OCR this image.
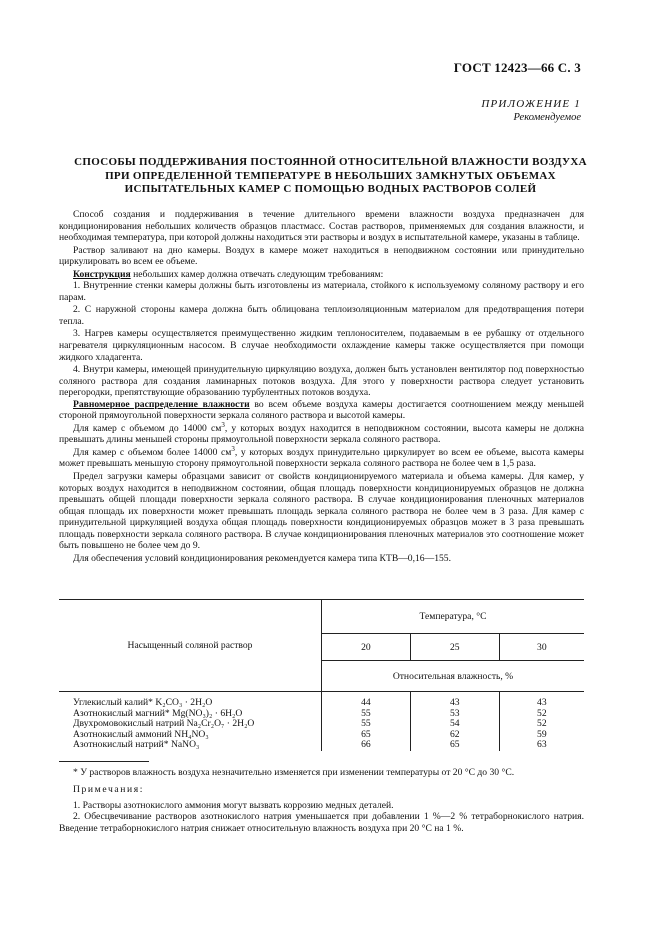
ГОСТ 12423—66 С. 3
ПРИЛОЖЕНИЕ 1
Рекомендуемое
СПОСОБЫ ПОДДЕРЖИВАНИЯ ПОСТОЯННОЙ ОТНОСИТЕЛЬНОЙ ВЛАЖНОСТИ ВОЗДУХА
ПРИ ОПРЕДЕЛЕННОЙ ТЕМПЕРАТУРЕ В НЕБОЛЬШИХ ЗАМКНУТЫХ ОБЪЕМАХ
ИСПЫТАТЕЛЬНЫХ КАМЕР С ПОМОЩЬЮ ВОДНЫХ РАСТВОРОВ СОЛЕЙ

Способ создания и поддерживания в течение длительного времени влажности воздуха предназначен для кондиционирования небольших количеств образцов пластмасс. Состав растворов, применяемых для создания влажности, и необходимая температура, при которой должны находиться эти растворы и воздух в испытательной камере, указаны в таблице.

Раствор заливают на дно камеры. Воздух в камере может находиться в неподвижном состоянии или принудительно циркулировать во всем ее объеме.

Конструкция небольших камер должна отвечать следующим требованиям:

1. Внутренние стенки камеры должны быть изготовлены из материала, стойкого к используемому соляному раствору и его парам.

2. С наружной стороны камера должна быть облицована теплоизоляционным материалом для предотвращения потери тепла.

3. Нагрев камеры осуществляется преимущественно жидким теплоносителем, подаваемым в ее рубашку от отдельного нагревателя циркуляционным насосом. В случае необходимости охлаждение камеры также осуществляется при помощи жидкого хладагента.

4. Внутри камеры, имеющей принудительную циркуляцию воздуха, должен быть установлен вентилятор под поверхностью соляного раствора для создания ламинарных потоков воздуха. Для этого у поверхности раствора следует установить перегородки, препятствующие образованию турбулентных потоков воздуха.

Равномерное распределение влажности во всем объеме воздуха камеры достигается соотношением между меньшей стороной прямоугольной поверхности зеркала соляного раствора и высотой камеры.

Для камер с объемом до 14000 $см^3$, у которых воздух находится в неподвижном состоянии, высота камеры не должна превышать длины меньшей стороны прямоугольной поверхности зеркала соляного раствора.

Для камер с объемом более 14000 $см^3$, у которых воздух принудительно циркулирует во всем ее объеме, высота камеры может превышать меньшую сторону прямоугольной поверхности зеркала соляного раствора не более чем в 1,5 раза.

Предел загрузки камеры образцами зависит от свойств кондиционируемого материала и объема камеры. Для камер, у которых воздух находится в неподвижном состоянии, общая площадь поверхности кондиционируемых образцов не должна превышать общей площади поверхности зеркала соляного раствора. В случае кондиционирования пленочных материалов общая площадь их поверхности может превышать площадь зеркала соляного раствора не более чем в 3 раза. Для камер с принудительной циркуляцией воздуха общая площадь поверхности кондиционируемых образцов может в 3 раза превышать площадь поверхности зеркала соляного раствора. В случае кондиционирования пленочных материалов это соотношение может быть повышено не более чем до 9.

Для обеспечения условий кондиционирования рекомендуется камера типа КТВ—0,16—155.

Насыщенный соляной раствор	Температура, °С		
	20	25	30
	Относительная влажность, %		
Углекислый калий* K₂CO₃ · 2H₂O	44	43	43
Азотнокислый магний* Mg(NO₃)₂ · 6H₂O	55	53	52
Двухромовокислый натрий Na₂Cr₂O₇ · 2H₂O	55	54	52
Азотнокислый аммоний NH₄NO₃	65	62	59
Азотнокислый натрий* NaNO₃	66	65	63
* У растворов влажность воздуха незначительно изменяется при изменении температуры от 20 °С до 30 °С.

Примечания:

1. Растворы азотнокислого аммония могут вызвать коррозию медных деталей.

2. Обесцвечивание растворов азотнокислого натрия уменьшается при добавлении 1 %—2 % тетраборнокислого натрия. Введение тетраборнокислого натрия снижает относительную влажность воздуха при 20 °С на 1 %.
